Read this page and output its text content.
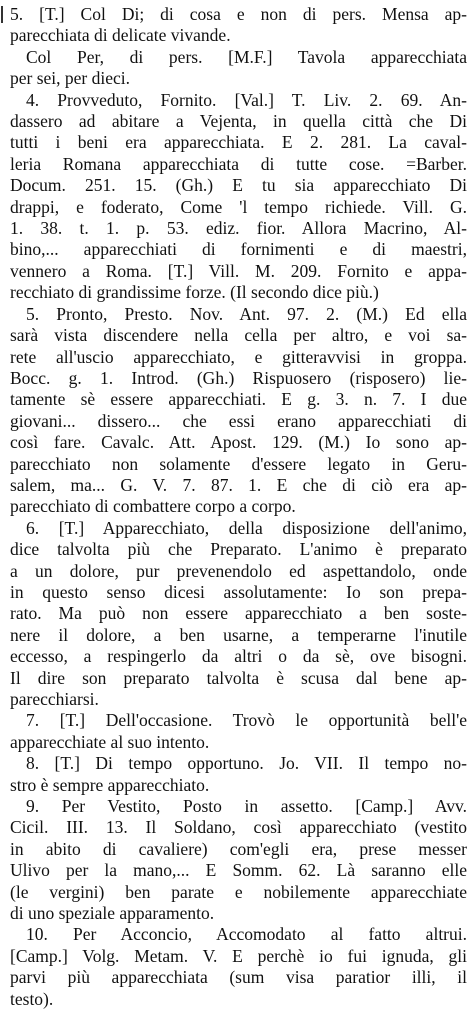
5. [T.] Col Di; di cosa e non di pers. Mensa ap-
parecchiata di delicate vivande.
Col Per, di pers. [M.F.] Tavola apparecchiata
per sei, per dieci.
4. Provveduto, Fornito. [Val.] T. Liv. 2. 69. An-
dassero ad abitare a Vejenta, in quella città che Di
tutti i beni era apparecchiata. E 2. 281. La caval-
leria Romana apparecchiata di tutte cose. =Barber.
Docum. 251. 15. (Gh.) E tu sia apparecchiato Di
drappi, e foderato, Come 'l tempo richiede. Vill. G.
1. 38. t. 1. p. 53. ediz. fior. Allora Macrino, Al-
bino,... apparecchiati di fornimenti e di maestri,
vennero a Roma. [T.] Vill. M. 209. Fornito e appa-
recchiato di grandissime forze. (Il secondo dice più.)
5. Pronto, Presto. Nov. Ant. 97. 2. (M.) Ed ella
sarà vista discendere nella cella per altro, e voi sa-
rete all'uscio apparecchiato, e gitteravvisi in groppa.
Bocc. g. 1. Introd. (Gh.) Rispuosero (risposero) lie-
tamente sè essere apparecchiati. E g. 3. n. 7. I due
giovani... dissero... che essi erano apparecchiati di
così fare. Cavalc. Att. Apost. 129. (M.) Io sono ap-
parecchiato non solamente d'essere legato in Geru-
salem, ma... G. V. 7. 87. 1. E che di ciò era ap-
parecchiato di combattere corpo a corpo.
6. [T.] Apparecchiato, della disposizione dell'animo,
dice talvolta più che Preparato. L'animo è preparato
a un dolore, pur prevenendolo ed aspettandolo, onde
in questo senso dicesi assolutamente: Io son prepa-
rato. Ma può non essere apparecchiato a ben soste-
nere il dolore, a ben usarne, a temperarne l'inutile
eccesso, a respingerlo da altri o da sè, ove bisogni.
Il dire son preparato talvolta è scusa dal bene ap-
parecchiarsi.
7. [T.] Dell'occasione. Trovò le opportunità bell'e
apparecchiate al suo intento.
8. [T.] Di tempo opportuno. Jo. VII. Il tempo no-
stro è sempre apparecchiato.
9. Per Vestito, Posto in assetto. [Camp.] Avv.
Cicil. III. 13. Il Soldano, così apparecchiato (vestito
in abito di cavaliere) com'egli era, prese messer
Ulivo per la mano,... E Somm. 62. Là saranno elle
(le vergini) ben parate e nobilemente apparecchiate
di uno speziale apparamento.
10. Per Acconcio, Accomodato al fatto altrui.
[Camp.] Volg. Metam. V. E perchè io fui ignuda, gli
parvi più apparecchiata (sum visa paratior illi, il
testo).
